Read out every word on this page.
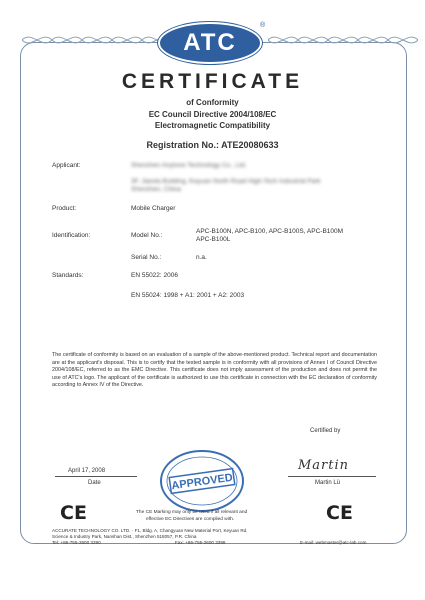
ATC
®
CERTIFICATE
of Conformity
EC Council Directive 2004/108/EC
Electromagnetic Compatibility
Registration No.: ATE20080633
Applicant:	Shenzhen Anytone Technology Co., Ltd.
3F, Jianda Building, Keyuan North Road High-Tech Industrial Park
Shenzhen, China
Product:	Mobile Charger
Identification:	Model No.:
APC-B100N, APC-B100, APC-B100S, APC-B100M
APC-B100L
Serial No.:	n.a.
Standards:	EN 55022: 2006
EN 55024: 1998 + A1: 2001 + A2: 2003
The certificate of conformity is based on an evaluation of a sample of the above-mentioned product. Technical report and documentation are at the applicant's disposal. This is to certify that the tested sample is in conformity with all provisions of Annex I of Council Directive 2004/108/EC, referred to as the EMC Directive. This certificate does not imply assessment of the production and does not permit the use of ATC's logo. The applicant of the certificate is authorized to use this certificate in connection with the EC declaration of conformity according to Annex IV of the Directive.
Certified by
April 17, 2008
Date
Martin
Martin Lü
APPROVED
CE	CE
The CE Marking may only be used if all relevant and
effective EC Directives are complied with.
ACCURATE TECHNOLOGY CO. LTD. · F1, Bldg. A, Changyuan New Material Port, Keyuan Rd.
Science & Industry Park, Nanshan Dist., Shenzhen 518057, P.R. China
Tel: +86-755-2600 3290	Fax: +86-755-2600 3398	E-mail: webmaster@atc-lab.com
